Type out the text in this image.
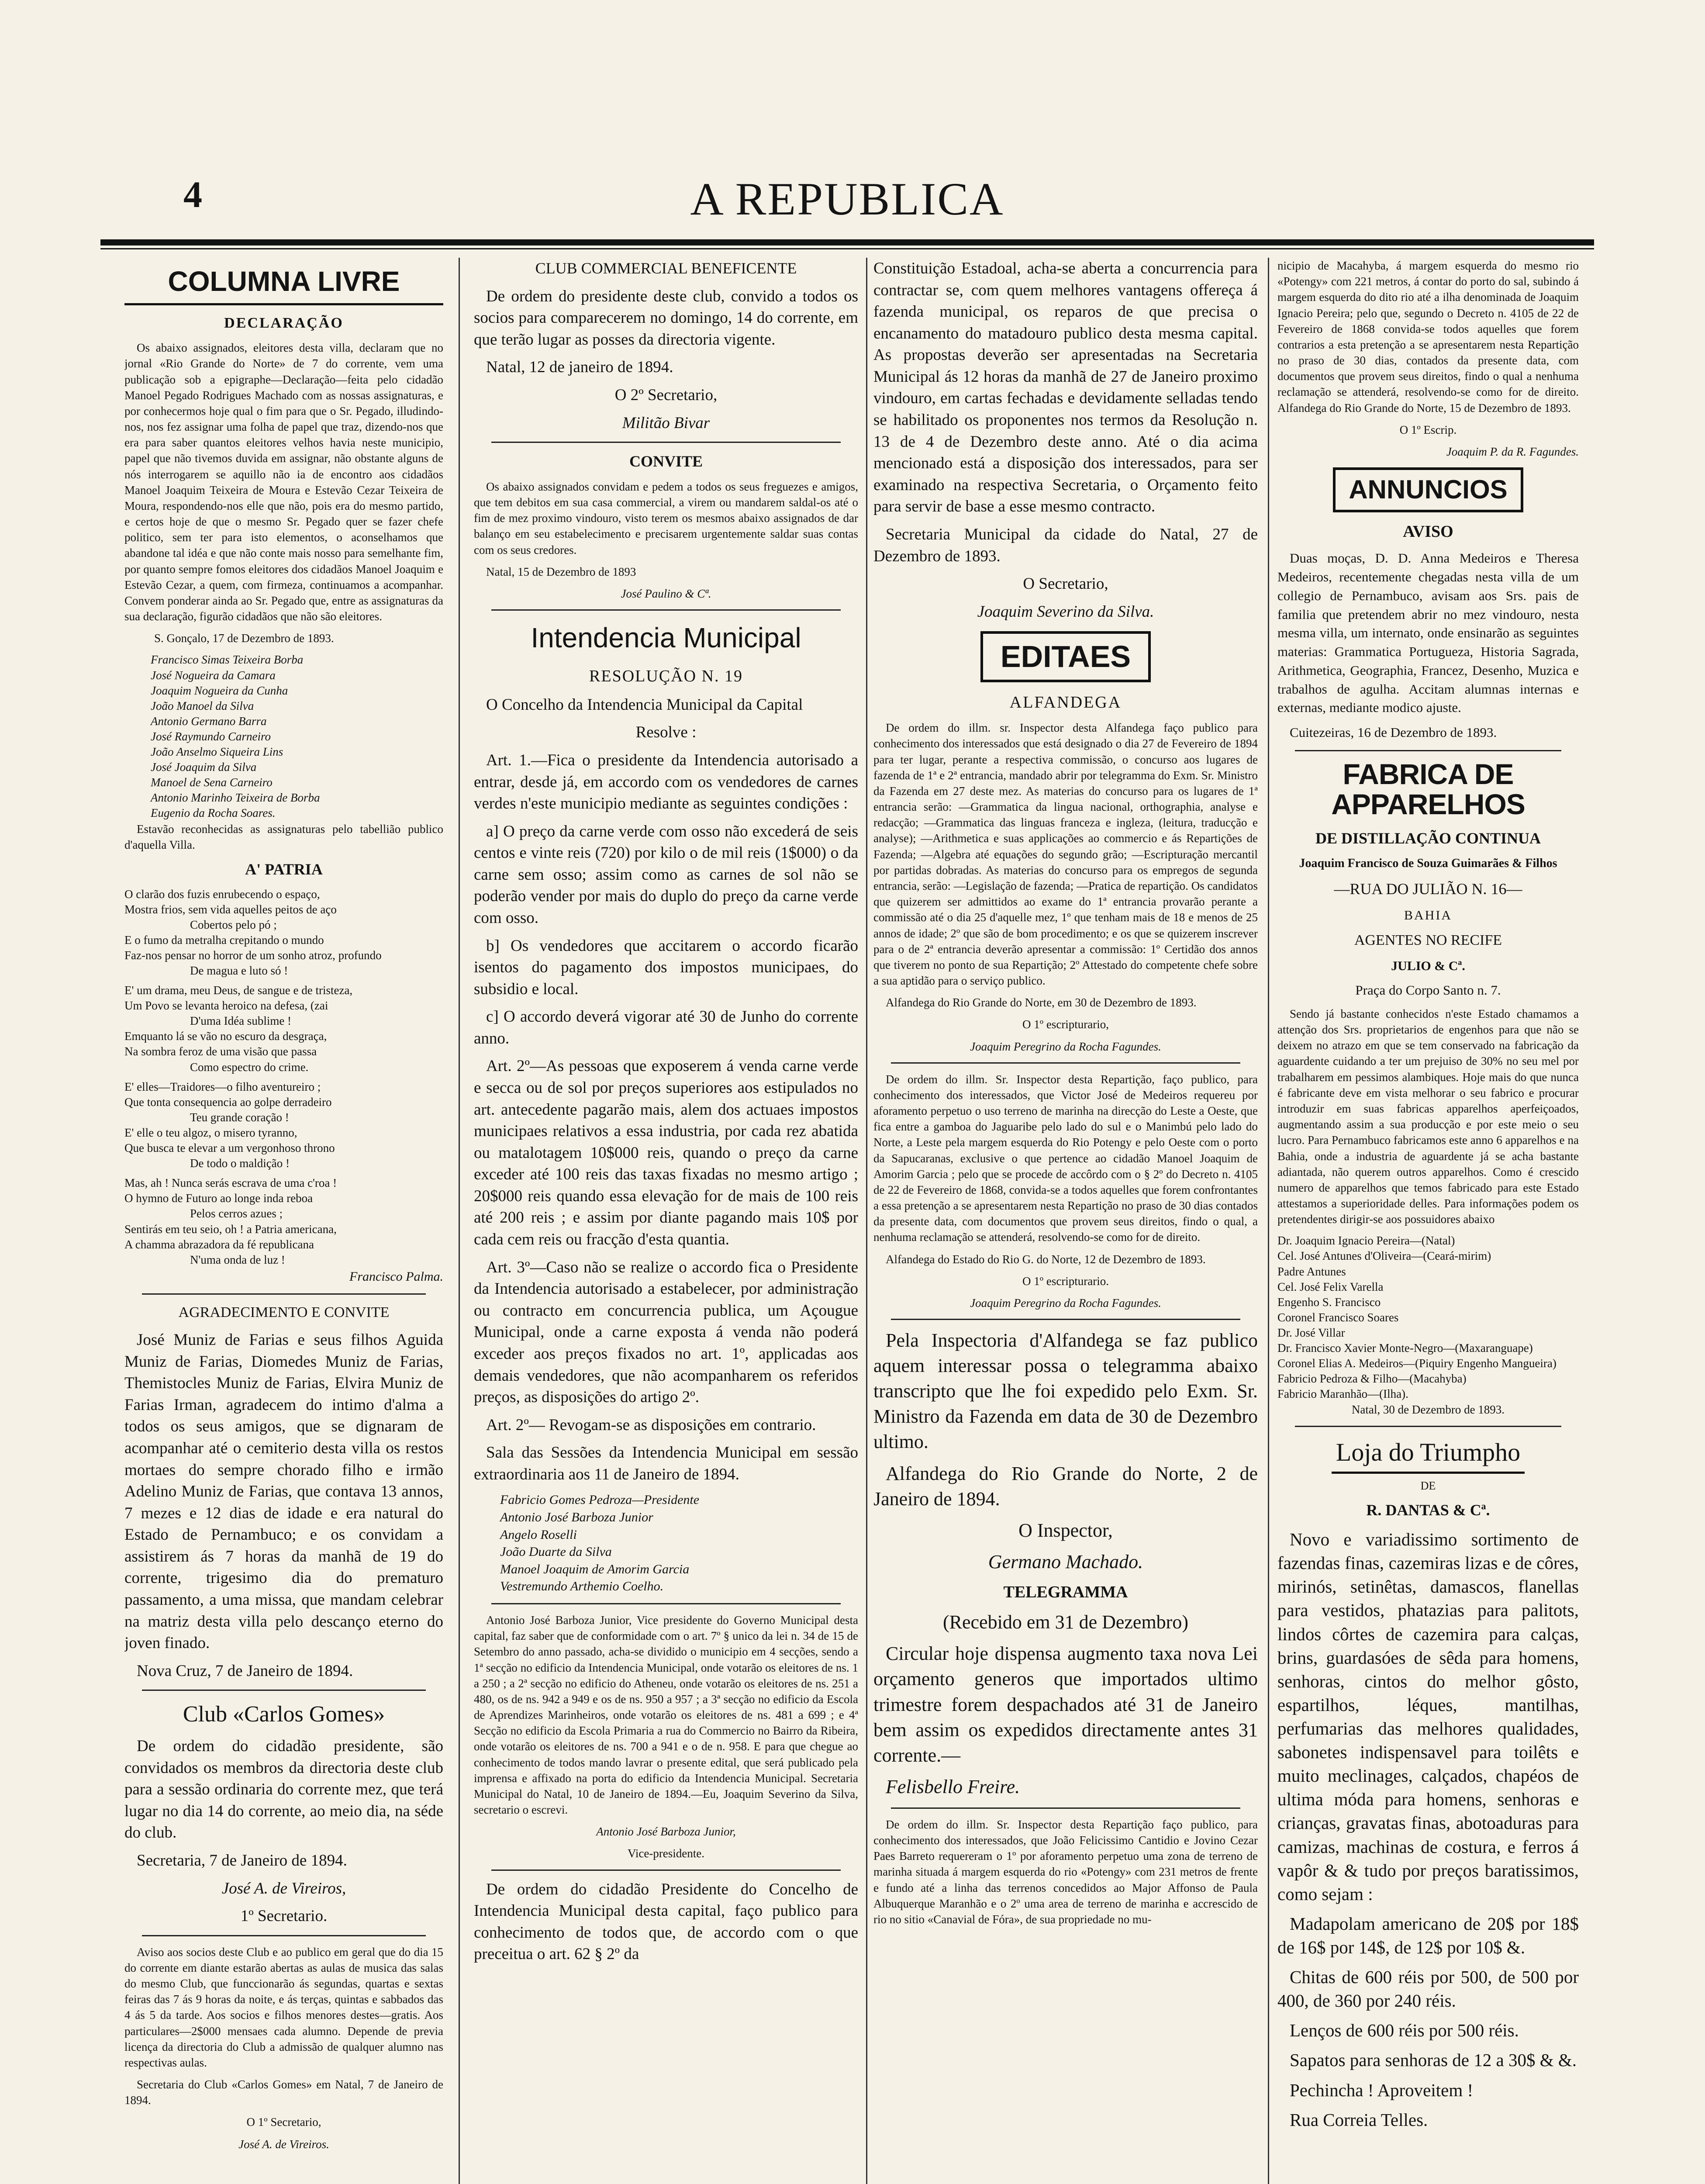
4	A REPUBLICA
COLUMNA LIVRE

DECLARAÇÃO

Os abaixo assignados, eleitores desta villa, declaram que no jornal «Rio Grande do Norte» de 7 do corrente, vem uma publicação sob a epigraphe—Declaração—feita pelo cidadão Manoel Pegado Rodrigues Machado com as nossas assignaturas, e por conhecermos hoje qual o fim para que o Sr. Pegado, illudindo-nos, nos fez assignar uma folha de papel que traz, dizendo-nos que era para saber quantos eleitores velhos havia neste municipio, papel que não tivemos duvida em assignar, não obstante alguns de nós interrogarem se aquillo não ia de encontro aos cidadãos Manoel Joaquim Teixeira de Moura e Estevão Cezar Teixeira de Moura, respondendo-nos elle que não, pois era do mesmo partido, e certos hoje de que o mesmo Sr. Pegado quer se fazer chefe politico, sem ter para isto elementos, o aconselhamos que abandone tal idéa e que não conte mais nosso para semelhante fim, por quanto sempre fomos eleitores dos cidadãos Manoel Joaquim e Estevão Cezar, a quem, com firmeza, continuamos a acompanhar. Convem ponderar ainda ao Sr. Pegado que, entre as assignaturas da sua declaração, figurão cidadãos que não são eleitores.

S. Gonçalo, 17 de Dezembro de 1893.

Francisco Simas Teixeira Borba

José Nogueira da Camara

Joaquim Nogueira da Cunha

João Manoel da Silva

Antonio Germano Barra

José Raymundo Carneiro

João Anselmo Siqueira Lins

José Joaquim da Silva

Manoel de Sena Carneiro

Antonio Marinho Teixeira de Borba

Eugenio da Rocha Soares.

Estavão reconhecidas as assignaturas pelo tabellião publico d'aquella Villa.

A' PATRIA

O clarão dos fuzis enrubecendo o espaço,

Mostra frios, sem vida aquelles peitos de aço

Cobertos pelo pó ;

E o fumo da metralha crepitando o mundo

Faz-nos pensar no horror de um sonho atroz, profundo

De magua e luto só !

E' um drama, meu Deus, de sangue e de tristeza,

Um Povo se levanta heroico na defesa, (zai

D'uma Idéa sublime !

Emquanto lá se vão no escuro da desgraça,

Na sombra feroz de uma visão que passa

Como espectro do crime.

E' elles—Traidores—o filho aventureiro ;

Que tonta consequencia ao golpe derradeiro

Teu grande coração !

E' elle o teu algoz, o misero tyranno,

Que busca te elevar a um vergonhoso throno

De todo o maldição !

Mas, ah ! Nunca serás escrava de uma c'roa !

O hymno de Futuro ao longe inda reboa

Pelos cerros azues ;

Sentirás em teu seio, oh ! a Patria americana,

A chamma abrazadora da fé republicana

N'uma onda de luz !

Francisco Palma.

AGRADECIMENTO E CONVITE

José Muniz de Farias e seus filhos Aguida Muniz de Farias, Diomedes Muniz de Farias, Themistocles Muniz de Farias, Elvira Muniz de Farias Irman, agradecem do intimo d'alma a todos os seus amigos, que se dignaram de acompanhar até o cemiterio desta villa os restos mortaes do sempre chorado filho e irmão Adelino Muniz de Farias, que contava 13 annos, 7 mezes e 12 dias de idade e era natural do Estado de Pernambuco; e os convidam a assistirem ás 7 horas da manhã de 19 do corrente, trigesimo dia do prematuro passamento, a uma missa, que mandam celebrar na matriz desta villa pelo descanço eterno do joven finado.

Nova Cruz, 7 de Janeiro de 1894.

Club «Carlos Gomes»

De ordem do cidadão presidente, são convidados os membros da directoria deste club para a sessão ordinaria do corrente mez, que terá lugar no dia 14 do corrente, ao meio dia, na séde do club.

Secretaria, 7 de Janeiro de 1894.

José A. de Vireiros,

1º Secretario.

Aviso aos socios deste Club e ao publico em geral que do dia 15 do corrente em diante estarão abertas as aulas de musica das salas do mesmo Club, que funccionarão ás segundas, quartas e sextas feiras das 7 ás 9 horas da noite, e ás terças, quintas e sabbados das 4 ás 5 da tarde. Aos socios e filhos menores destes—gratis. Aos particulares—2$000 mensaes cada alumno. Depende de previa licença da directoria do Club a admissão de qualquer alumno nas respectivas aulas.

Secretaria do Club «Carlos Gomes» em Natal, 7 de Janeiro de 1894.

O 1º Secretario,

José A. de Vireiros.

CLUB COMMERCIAL BENEFICENTE

De ordem do presidente deste club, convido a todos os socios para comparecerem no domingo, 14 do corrente, em que terão lugar as posses da directoria vigente.

Natal, 12 de janeiro de 1894.

O 2º Secretario,

Militão Bivar

CONVITE

Os abaixo assignados convidam e pedem a todos os seus freguezes e amigos, que tem debitos em sua casa commercial, a virem ou mandarem saldal-os até o fim de mez proximo vindouro, visto terem os mesmos abaixo assignados de dar balanço em seu estabelecimento e precisarem urgentemente saldar suas contas com os seus credores.

Natal, 15 de Dezembro de 1893

José Paulino & Cª.

Intendencia Municipal

RESOLUÇÃO N. 19

O Concelho da Intendencia Municipal da Capital

Resolve :

Art. 1.—Fica o presidente da Intendencia autorisado a entrar, desde já, em accordo com os vendedores de carnes verdes n'este municipio mediante as seguintes condições :

a] O preço da carne verde com osso não excederá de seis centos e vinte reis (720) por kilo o de mil reis (1$000) o da carne sem osso; assim como as carnes de sol não se poderão vender por mais do duplo do preço da carne verde com osso.

b] Os vendedores que accitarem o accordo ficarão isentos do pagamento dos impostos municipaes, do subsidio e local.

c] O accordo deverá vigorar até 30 de Junho do corrente anno.

Art. 2º—As pessoas que exposerem á venda carne verde e secca ou de sol por preços superiores aos estipulados no art. antecedente pagarão mais, alem dos actuaes impostos municipaes relativos a essa industria, por cada rez abatida ou matalotagem 10$000 reis, quando o preço da carne exceder até 100 reis das taxas fixadas no mesmo artigo ; 20$000 reis quando essa elevação for de mais de 100 reis até 200 reis ; e assim por diante pagando mais 10$ por cada cem reis ou fracção d'esta quantia.

Art. 3º—Caso não se realize o accordo fica o Presidente da Intendencia autorisado a estabelecer, por administração ou contracto em concurrencia publica, um Açougue Municipal, onde a carne exposta á venda não poderá exceder aos preços fixados no art. 1º, applicadas aos demais vendedores, que não acompanharem os referidos preços, as disposições do artigo 2º.

Art. 2º— Revogam-se as disposições em contrario.

Sala das Sessões da Intendencia Municipal em sessão extraordinaria aos 11 de Janeiro de 1894.

Fabricio Gomes Pedroza—Presidente

Antonio José Barboza Junior

Angelo Roselli

João Duarte da Silva

Manoel Joaquim de Amorim Garcia

Vestremundo Arthemio Coelho.

Antonio José Barboza Junior, Vice presidente do Governo Municipal desta capital, faz saber que de conformidade com o art. 7º § unico da lei n. 34 de 15 de Setembro do anno passado, acha-se dividido o municipio em 4 secções, sendo a 1ª secção no edificio da Intendencia Municipal, onde votarão os eleitores de ns. 1 a 250 ; a 2ª secção no edificio do Atheneu, onde votarão os eleitores de ns. 251 a 480, os de ns. 942 a 949 e os de ns. 950 a 957 ; a 3ª secção no edificio da Escola de Aprendizes Marinheiros, onde votarão os eleitores de ns. 481 a 699 ; e 4ª Secção no edificio da Escola Primaria a rua do Commercio no Bairro da Ribeira, onde votarão os eleitores de ns. 700 a 941 e o de n. 958. E para que chegue ao conhecimento de todos mando lavrar o presente edital, que será publicado pela imprensa e affixado na porta do edificio da Intendencia Municipal. Secretaria Municipal do Natal, 10 de Janeiro de 1894.—Eu, Joaquim Severino da Silva, secretario o escrevi.

Antonio José Barboza Junior,

Vice-presidente.

De ordem do cidadão Presidente do Concelho de Intendencia Municipal desta capital, faço publico para conhecimento de todos que, de accordo com o que preceitua o art. 62 § 2º da

Constituição Estadoal, acha-se aberta a concurrencia para contractar se, com quem melhores vantagens offereça á fazenda municipal, os reparos de que precisa o encanamento do matadouro publico desta mesma capital. As propostas deverão ser apresentadas na Secretaria Municipal ás 12 horas da manhã de 27 de Janeiro proximo vindouro, em cartas fechadas e devidamente selladas tendo se habilitado os proponentes nos termos da Resolução n. 13 de 4 de Dezembro deste anno. Até o dia acima mencionado está a disposição dos interessados, para ser examinado na respectiva Secretaria, o Orçamento feito para servir de base a esse mesmo contracto.

Secretaria Municipal da cidade do Natal, 27 de Dezembro de 1893.

O Secretario,

Joaquim Severino da Silva.

EDITAES

ALFANDEGA

De ordem do illm. sr. Inspector desta Alfandega faço publico para conhecimento dos interessados que está designado o dia 27 de Fevereiro de 1894 para ter lugar, perante a respectiva commissão, o concurso aos lugares de fazenda de 1ª e 2ª entrancia, mandado abrir por telegramma do Exm. Sr. Ministro da Fazenda em 27 deste mez. As materias do concurso para os lugares de 1ª entrancia serão: —Grammatica da lingua nacional, orthographia, analyse e redacção; —Grammatica das linguas franceza e ingleza, (leitura, traducção e analyse); —Arithmetica e suas applicações ao commercio e ás Repartições de Fazenda; —Algebra até equações do segundo grão; —Escripturação mercantil por partidas dobradas. As materias do concurso para os empregos de segunda entrancia, serão: —Legislação de fazenda; —Pratica de repartição. Os candidatos que quizerem ser admittidos ao exame do 1ª entrancia provarão perante a commissão até o dia 25 d'aquelle mez, 1º que tenham mais de 18 e menos de 25 annos de idade; 2º que são de bom procedimento; e os que se quizerem inscrever para o de 2ª entrancia deverão apresentar a commissão: 1º Certidão dos annos que tiverem no ponto de sua Repartição; 2º Attestado do competente chefe sobre a sua aptidão para o serviço publico.

Alfandega do Rio Grande do Norte, em 30 de Dezembro de 1893.

O 1º escripturario,

Joaquim Peregrino da Rocha Fagundes.

De ordem do illm. Sr. Inspector desta Repartição, faço publico, para conhecimento dos interessados, que Victor José de Medeiros requereu por aforamento perpetuo o uso terreno de marinha na direcção do Leste a Oeste, que fica entre a gamboa do Jaguaribe pelo lado do sul e o Manimbú pelo lado do Norte, a Leste pela margem esquerda do Rio Potengy e pelo Oeste com o porto da Sapucaranas, exclusive o que pertence ao cidadão Manoel Joaquim de Amorim Garcia ; pelo que se procede de accôrdo com o § 2º do Decreto n. 4105 de 22 de Fevereiro de 1868, convida-se a todos aquelles que forem confrontantes a essa pretenção a se apresentarem nesta Repartição no praso de 30 dias contados da presente data, com documentos que provem seus direitos, findo o qual, a nenhuma reclamação se attenderá, resolvendo-se como for de direito.

Alfandega do Estado do Rio G. do Norte, 12 de Dezembro de 1893.

O 1º escripturario.

Joaquim Peregrino da Rocha Fagundes.

Pela Inspectoria d'Alfandega se faz publico aquem interessar possa o telegramma abaixo transcripto que lhe foi expedido pelo Exm. Sr. Ministro da Fazenda em data de 30 de Dezembro ultimo.

Alfandega do Rio Grande do Norte, 2 de Janeiro de 1894.

O Inspector,

Germano Machado.

TELEGRAMMA

(Recebido em 31 de Dezembro)

Circular hoje dispensa augmento taxa nova Lei orçamento generos que importados ultimo trimestre forem despachados até 31 de Janeiro bem assim os expedidos directamente antes 31 corrente.—

Felisbello Freire.

De ordem do illm. Sr. Inspector desta Repartição faço publico, para conhecimento dos interessados, que João Felicissimo Cantidio e Jovino Cezar Paes Barreto requereram o 1º por aforamento perpetuo uma zona de terreno de marinha situada á margem esquerda do rio «Potengy» com 231 metros de frente e fundo até a linha das terrenos concedidos ao Major Affonso de Paula Albuquerque Maranhão e o 2º uma area de terreno de marinha e accrescido de rio no sitio «Canavial de Fóra», de sua propriedade no mu-

nicipio de Macahyba, á margem esquerda do mesmo rio «Potengy» com 221 metros, á contar do porto do sal, subindo á margem esquerda do dito rio até a ilha denominada de Joaquim Ignacio Pereira; pelo que, segundo o Decreto n. 4105 de 22 de Fevereiro de 1868 convida-se todos aquelles que forem contrarios a esta pretenção a se apresentarem nesta Repartição no praso de 30 dias, contados da presente data, com documentos que provem seus direitos, findo o qual a nenhuma reclamação se attenderá, resolvendo-se como for de direito. Alfandega do Rio Grande do Norte, 15 de Dezembro de 1893.

O 1º Escrip.

Joaquim P. da R. Fagundes.

ANNUNCIOS

AVISO

Duas moças, D. D. Anna Medeiros e Theresa Medeiros, recentemente chegadas nesta villa de um collegio de Pernambuco, avisam aos Srs. pais de familia que pretendem abrir no mez vindouro, nesta mesma villa, um internato, onde ensinarão as seguintes materias: Grammatica Portugueza, Historia Sagrada, Arithmetica, Geographia, Francez, Desenho, Muzica e trabalhos de agulha. Accitam alumnas internas e externas, mediante modico ajuste.

Cuitezeiras, 16 de Dezembro de 1893.

FABRICA DE APPARELHOS

DE DISTILLAÇÃO CONTINUA

Joaquim Francisco de Souza Guimarães & Filhos

—RUA DO JULIÃO N. 16—

BAHIA

AGENTES NO RECIFE

JULIO & Cª.

Praça do Corpo Santo n. 7.

Sendo já bastante conhecidos n'este Estado chamamos a attenção dos Srs. proprietarios de engenhos para que não se deixem no atrazo em que se tem conservado na fabricação da aguardente cuidando a ter um prejuiso de 30% no seu mel por trabalharem em pessimos alambiques. Hoje mais do que nunca é fabricante deve em vista melhorar o seu fabrico e procurar introduzir em suas fabricas apparelhos aperfeiçoados, augmentando assim a sua producção e por este meio o seu lucro. Para Pernambuco fabricamos este anno 6 apparelhos e na Bahia, onde a industria de aguardente já se acha bastante adiantada, não querem outros apparelhos. Como é crescido numero de apparelhos que temos fabricado para este Estado attestamos a superioridade delles. Para informações podem os pretendentes dirigir-se aos possuidores abaixo

Dr. Joaquim Ignacio Pereira—(Natal)

Cel. José Antunes d'Oliveira—(Ceará-mirim)

Padre Antunes

Cel. José Felix Varella

Engenho S. Francisco

Coronel Francisco Soares

Dr. José Villar

Dr. Francisco Xavier Monte-Negro—(Maxaranguape)

Coronel Elias A. Medeiros—(Piquiry Engenho Mangueira)

Fabricio Pedroza & Filho—(Macahyba)

Fabricio Maranhão—(Ilha).

Natal, 30 de Dezembro de 1893.

Loja do Triumpho

DE

R. DANTAS & Cª.

Novo e variadissimo sortimento de fazendas finas, cazemiras lizas e de côres, mirinós, setinêtas, damascos, flanellas para vestidos, phatazias para palitots, lindos côrtes de cazemira para calças, brins, guardasóes de sêda para homens, senhoras, cintos do melhor gôsto, espartilhos, léques, mantilhas, perfumarias das melhores qualidades, sabonetes indispensavel para toilêts e muito meclinages, calçados, chapéos de ultima móda para homens, senhoras e crianças, gravatas finas, abotoaduras para camizas, machinas de costura, e ferros á vapôr & & tudo por preços baratissimos, como sejam :

Madapolam americano de 20$ por 18$ de 16$ por 14$, de 12$ por 10$ &.

Chitas de 600 réis por 500, de 500 por 400, de 360 por 240 réis.

Lenços de 600 réis por 500 réis.

Sapatos para senhoras de 12 a 30$ & &.

Pechincha ! Aproveitem !

Rua Correia Telles.
